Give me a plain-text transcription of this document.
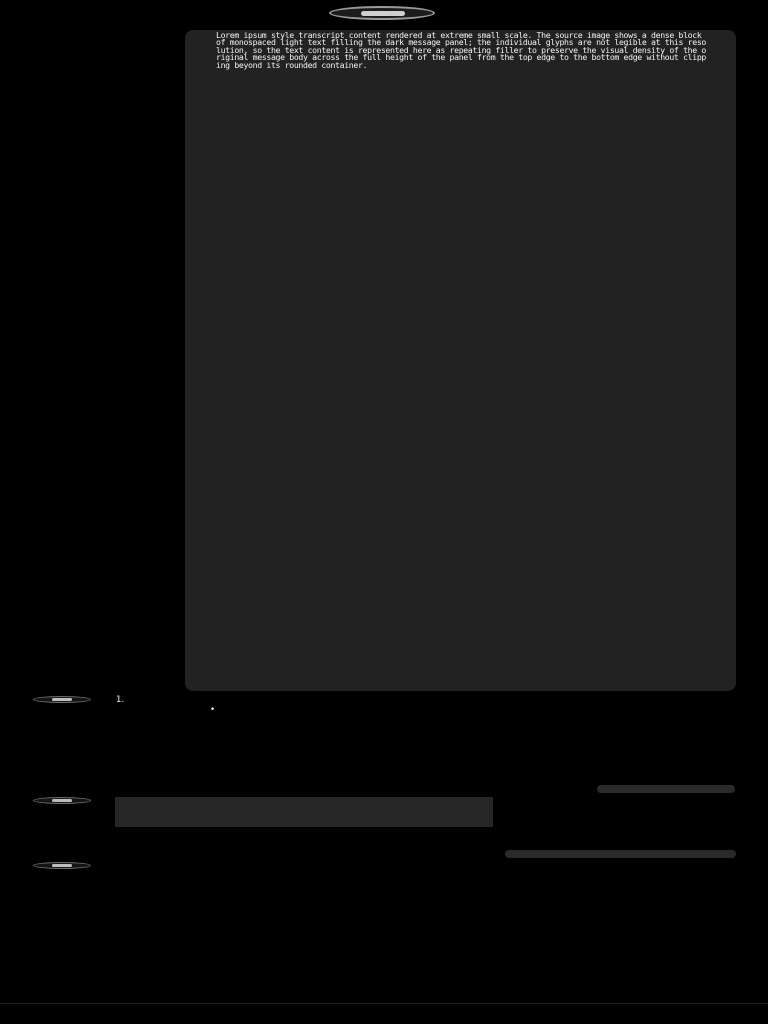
Lorem ipsum style transcript content rendered at extreme small scale. The source image shows a dense block of monospaced light text filling the dark message panel; the individual glyphs are not legible at this resolution, so the text content is represented here as repeating filler to preserve the visual density of the original message body across the full height of the panel from the top edge to the bottom edge without clipping beyond its rounded container.
1.
•
